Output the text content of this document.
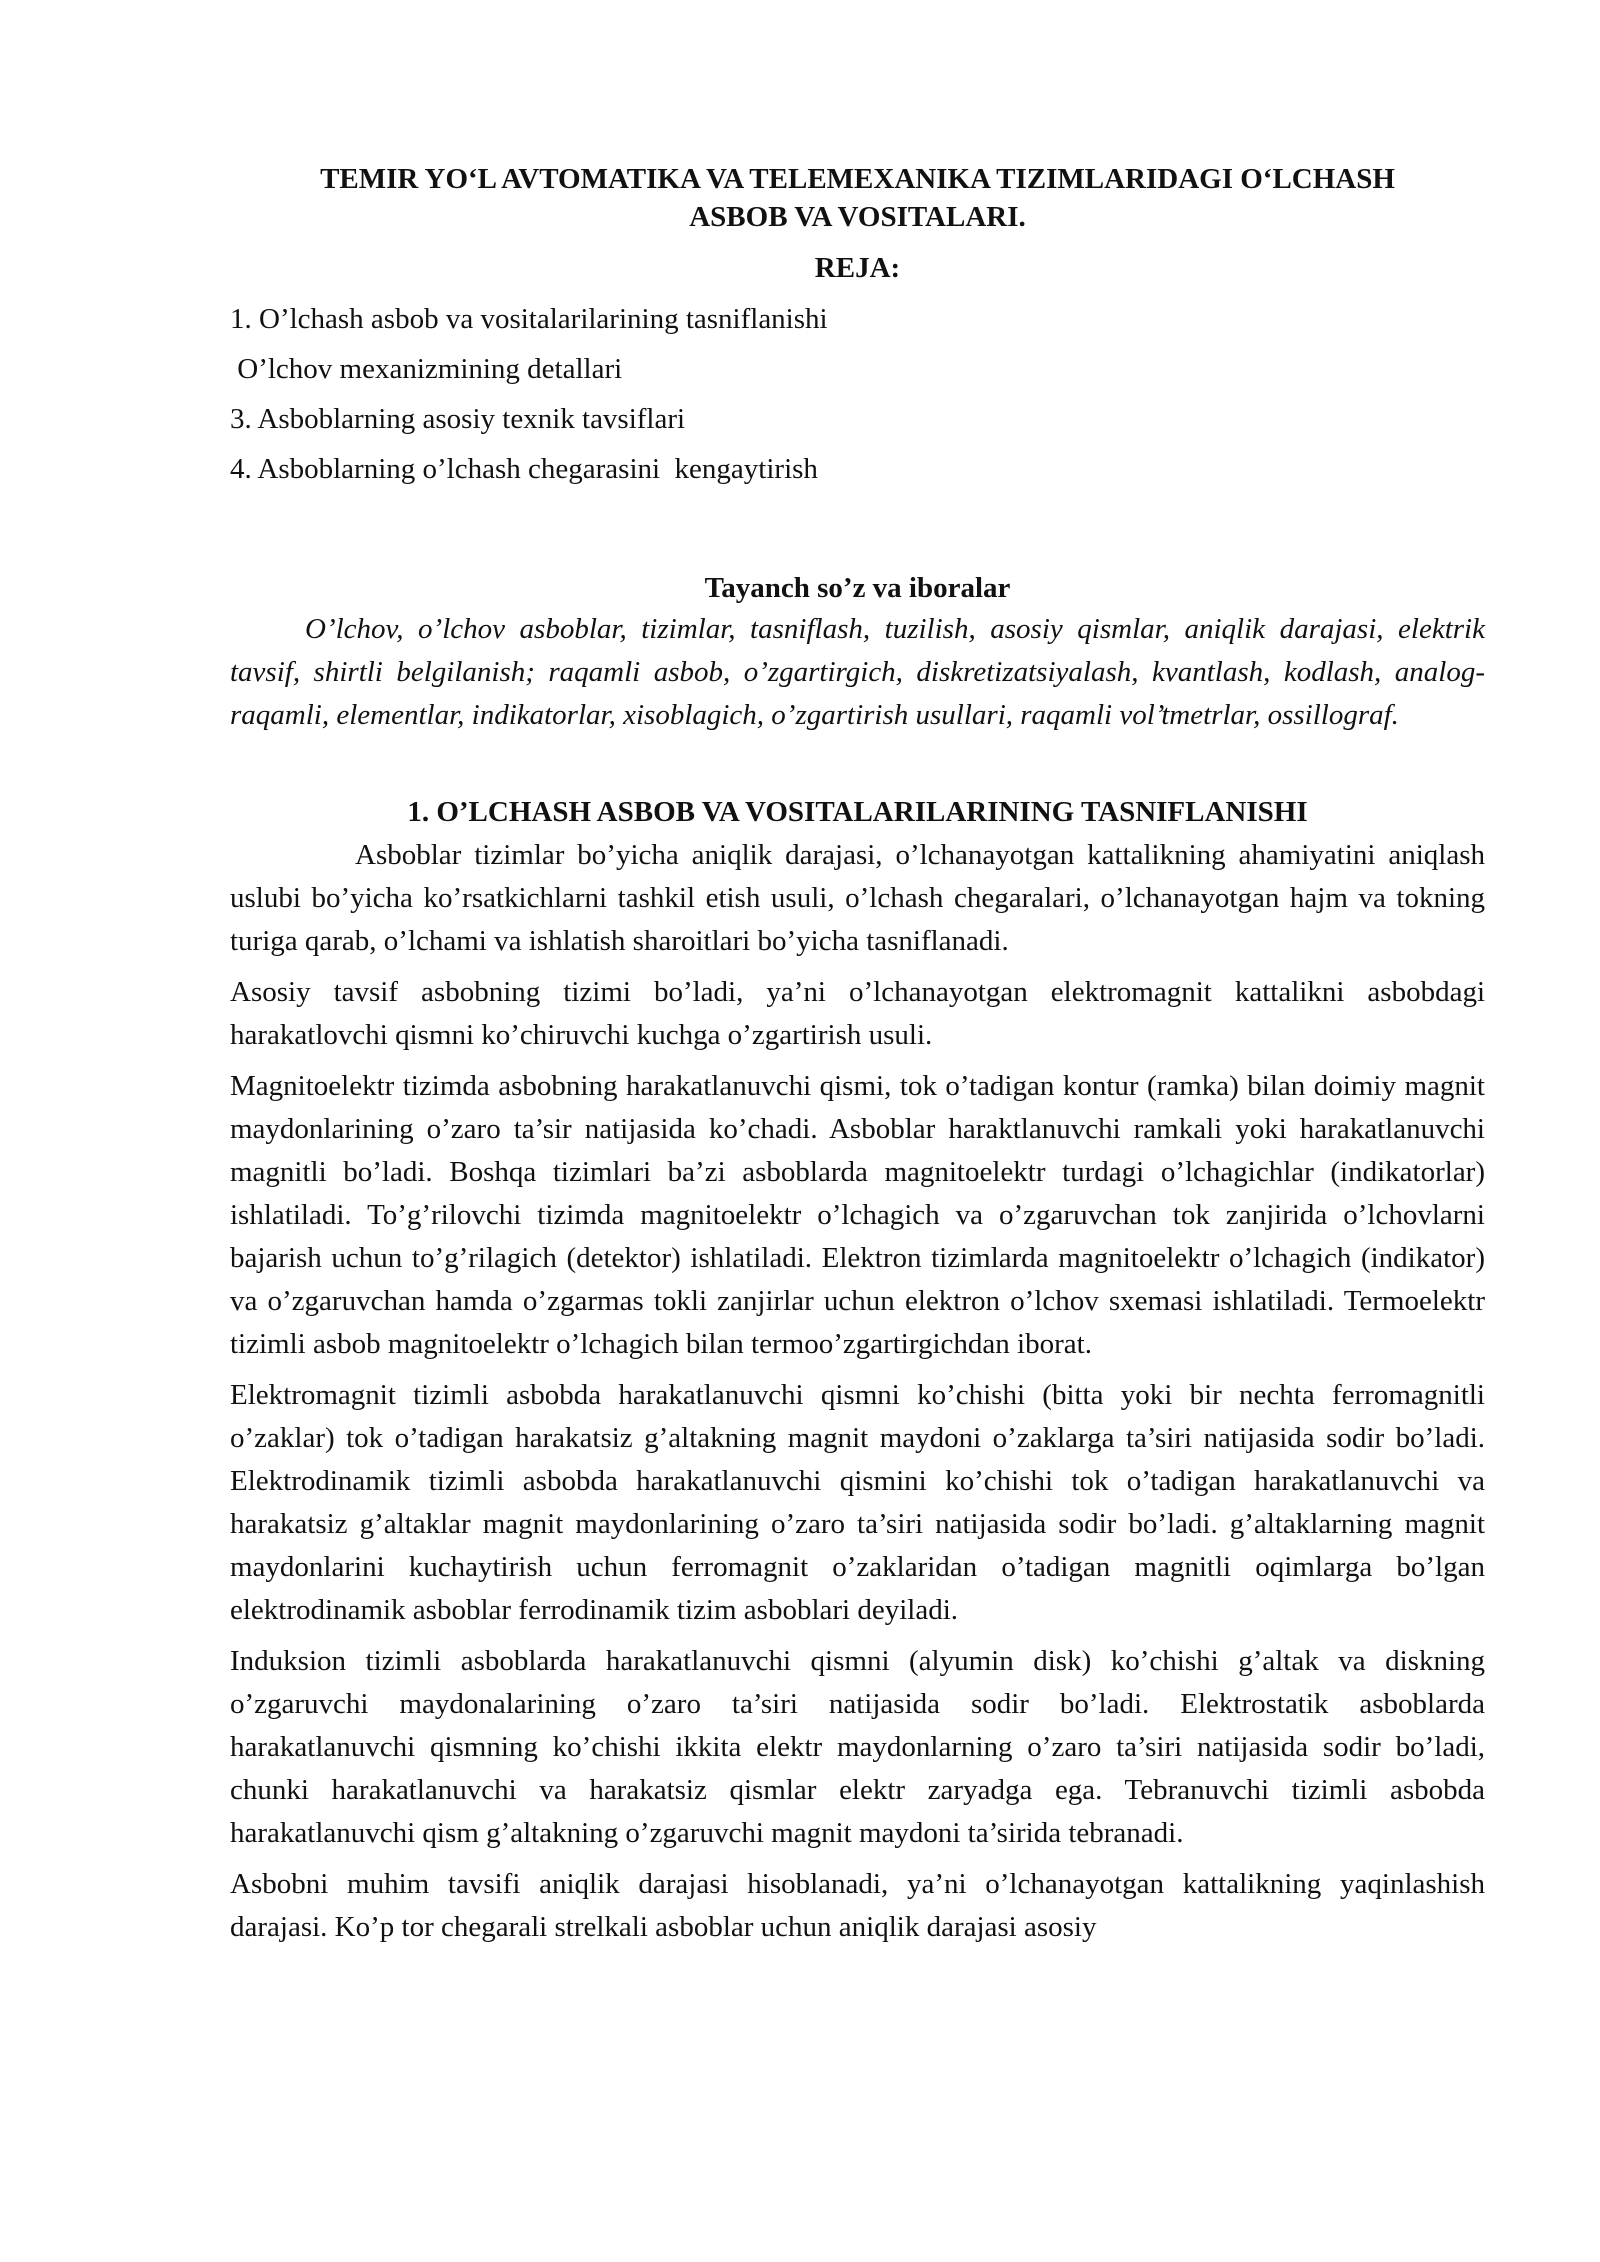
TEMIR YO‘L AVTOMATIKA VA TELEMEXANIKA TIZIMLARIDAGI O‘LCHASH
ASBOB VA VOSITALARI.
REJA:
1. O’lchash asbob va vositalarilarining tasniflanishi
O’lchov mexanizmining detallari
3. Asboblarning asosiy texnik tavsiflari
4. Asboblarning o’lchash chegarasini  kengaytirish
Tayanch so’z va iboralar

O’lchov, o’lchov asboblar, tizimlar, tasniflash, tuzilish, asosiy qismlar, aniqlik darajasi, elektrik tavsif, shirtli belgilanish; raqamli asbob, o’zgartirgich, diskretizatsiyalash, kvantlash, kodlash, analog-raqamli, elementlar, indikatorlar, xisoblagich, o’zgartirish usullari, raqamli vol’tmetrlar, ossillograf.

1. O’LCHASH ASBOB VA VOSITALARILARINING TASNIFLANISHI

Asboblar tizimlar bo’yicha aniqlik darajasi, o’lchanayotgan kattalikning ahamiyatini aniqlash uslubi bo’yicha ko’rsatkichlarni tashkil etish usuli, o’lchash chegaralari, o’lchanayotgan hajm va tokning turiga qarab, o’lchami va ishlatish sharoitlari bo’yicha tasniflanadi.

Asosiy tavsif asbobning tizimi bo’ladi, ya’ni o’lchanayotgan elektromagnit kattalikni asbobdagi harakatlovchi qismni ko’chiruvchi kuchga o’zgartirish usuli.

Magnitoelektr tizimda asbobning harakatlanuvchi qismi, tok o’tadigan kontur (ramka) bilan doimiy magnit maydonlarining o’zaro ta’sir natijasida ko’chadi. Asboblar haraktlanuvchi ramkali yoki harakatlanuvchi magnitli bo’ladi. Boshqa tizimlari ba’zi asboblarda magnitoelektr turdagi o’lchagichlar (indikatorlar) ishlatiladi. To’g’rilovchi tizimda magnitoelektr o’lchagich va o’zgaruvchan tok zanjirida o’lchovlarni bajarish uchun to’g’rilagich (detektor) ishlatiladi. Elektron tizimlarda magnitoelektr o’lchagich (indikator) va o’zgaruvchan hamda o’zgarmas tokli zanjirlar uchun elektron o’lchov sxemasi ishlatiladi. Termoelektr tizimli asbob magnitoelektr o’lchagich bilan termoo’zgartirgichdan iborat.

Elektromagnit tizimli asbobda harakatlanuvchi qismni ko’chishi (bitta yoki bir nechta ferromagnitli o’zaklar) tok o’tadigan harakatsiz g’altakning magnit maydoni o’zaklarga ta’siri natijasida sodir bo’ladi. Elektrodinamik tizimli asbobda harakatlanuvchi qismini ko’chishi tok o’tadigan harakatlanuvchi va harakatsiz g’altaklar magnit maydonlarining o’zaro ta’siri natijasida sodir bo’ladi. g’altaklarning magnit maydonlarini kuchaytirish uchun ferromagnit o’zaklaridan o’tadigan magnitli oqimlarga bo’lgan elektrodinamik asboblar ferrodinamik tizim asboblari deyiladi.

Induksion tizimli asboblarda harakatlanuvchi qismni (alyumin disk) ko’chishi g’altak va diskning o’zgaruvchi maydonalarining o’zaro ta’siri natijasida sodir bo’ladi. Elektrostatik asboblarda harakatlanuvchi qismning ko’chishi ikkita elektr maydonlarning o’zaro ta’siri natijasida sodir bo’ladi, chunki harakatlanuvchi va harakatsiz qismlar elektr zaryadga ega. Tebranuvchi tizimli asbobda harakatlanuvchi qism g’altakning o’zgaruvchi magnit maydoni ta’sirida tebranadi.

Asbobni muhim tavsifi aniqlik darajasi hisoblanadi, ya’ni o’lchanayotgan kattalikning yaqinlashish darajasi. Ko’p tor chegarali strelkali asboblar uchun aniqlik darajasi asosiy
